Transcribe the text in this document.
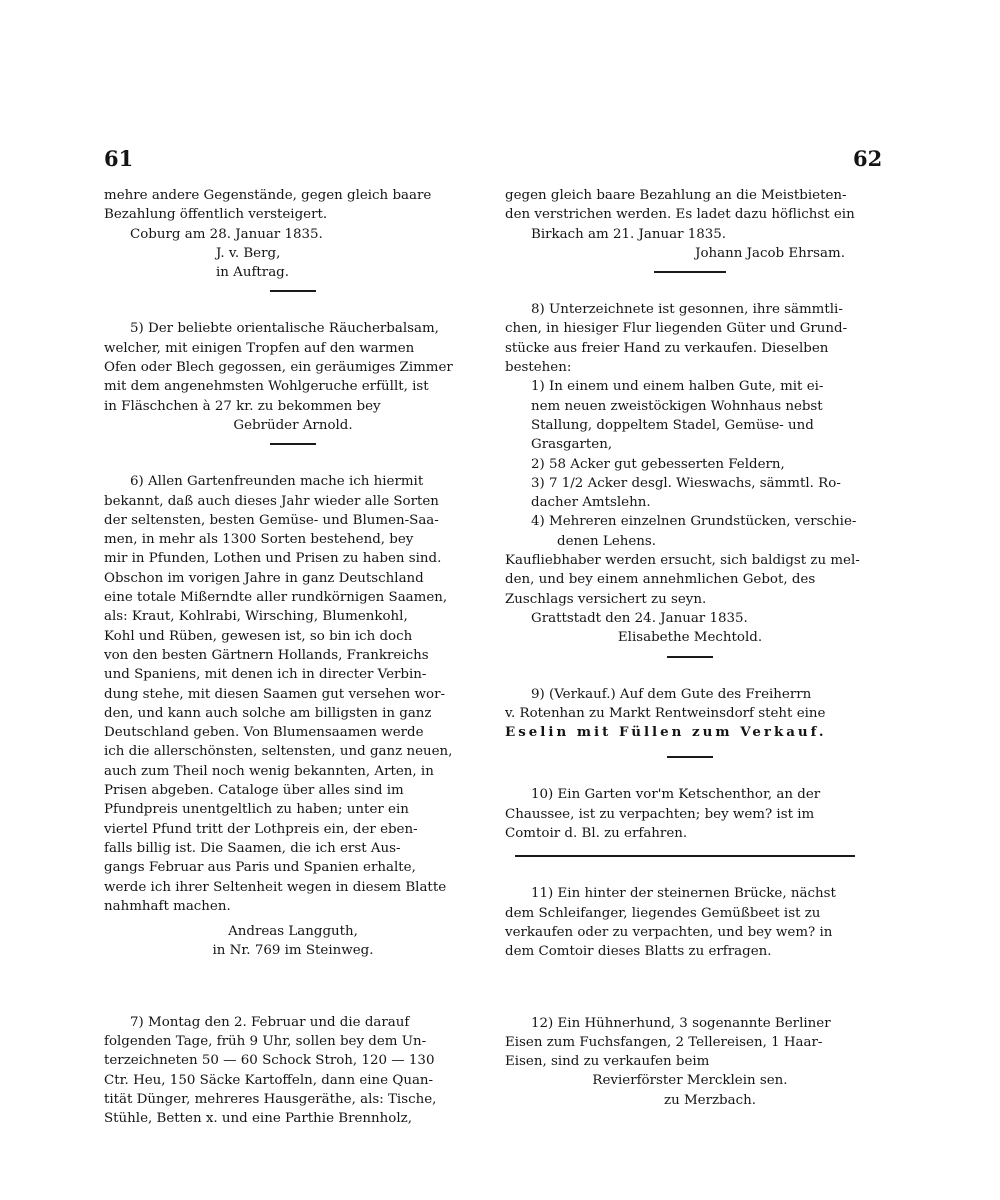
61	62
mehre andere Gegenstände, gegen gleich baare
Bezahlung öffentlich versteigert.
Coburg am 28. Januar 1835.
J. v. Berg,
in Auftrag.
5) Der beliebte orientalische Räucherbalsam,
welcher, mit einigen Tropfen auf den warmen
Ofen oder Blech gegossen, ein geräumiges Zimmer
mit dem angenehmsten Wohlgeruche erfüllt, ist
in Fläschchen à 27 kr. zu bekommen bey
Gebrüder Arnold.
6) Allen Gartenfreunden mache ich hiermit
bekannt, daß auch dieses Jahr wieder alle Sorten
der seltensten, besten Gemüse- und Blumen-Saa-
men, in mehr als 1300 Sorten bestehend, bey
mir in Pfunden, Lothen und Prisen zu haben sind.
Obschon im vorigen Jahre in ganz Deutschland
eine totale Mißerndte aller rundkörnigen Saamen,
als: Kraut, Kohlrabi, Wirsching, Blumenkohl,
Kohl und Rüben, gewesen ist, so bin ich doch
von den besten Gärtnern Hollands, Frankreichs
und Spaniens, mit denen ich in directer Verbin-
dung stehe, mit diesen Saamen gut versehen wor-
den, und kann auch solche am billigsten in ganz
Deutschland geben. Von Blumensaamen werde
ich die allerschönsten, seltensten, und ganz neuen,
auch zum Theil noch wenig bekannten, Arten, in
Prisen abgeben. Cataloge über alles sind im
Pfundpreis unentgeltlich zu haben; unter ein
viertel Pfund tritt der Lothpreis ein, der eben-
falls billig ist. Die Saamen, die ich erst Aus-
gangs Februar aus Paris und Spanien erhalte,
werde ich ihrer Seltenheit wegen in diesem Blatte
nahmhaft machen.
Andreas Langguth,
in Nr. 769 im Steinweg.
7) Montag den 2. Februar und die darauf
folgenden Tage, früh 9 Uhr, sollen bey dem Un-
terzeichneten 50 — 60 Schock Stroh, 120 — 130
Ctr. Heu, 150 Säcke Kartoffeln, dann eine Quan-
tität Dünger, mehreres Hausgeräthe, als: Tische,
Stühle, Betten x. und eine Parthie Brennholz,
gegen gleich baare Bezahlung an die Meistbieten-
den verstrichen werden. Es ladet dazu höflichst ein
Birkach am 21. Januar 1835.
Johann Jacob Ehrsam.
8) Unterzeichnete ist gesonnen, ihre sämmtli-
chen, in hiesiger Flur liegenden Güter und Grund-
stücke aus freier Hand zu verkaufen. Dieselben
bestehen:
1) In einem und einem halben Gute, mit ei-
nem neuen zweistöckigen Wohnhaus nebst
Stallung, doppeltem Stadel, Gemüse- und
Grasgarten,
2) 58 Acker gut gebesserten Feldern,
3) 7 1/2 Acker desgl. Wieswachs, sämmtl. Ro-
dacher Amtslehn.
4) Mehreren einzelnen Grundstücken, verschie-
denen Lehens.
Kaufliebhaber werden ersucht, sich baldigst zu mel-
den, und bey einem annehmlichen Gebot, des
Zuschlags versichert zu seyn.
Grattstadt den 24. Januar 1835.
Elisabethe Mechtold.
9) (Verkauf.) Auf dem Gute des Freiherrn
v. Rotenhan zu Markt Rentweinsdorf steht eine
Eselin mit Füllen zum Verkauf.
10) Ein Garten vor'm Ketschenthor, an der
Chaussee, ist zu verpachten; bey wem? ist im
Comtoir d. Bl. zu erfahren.
11) Ein hinter der steinernen Brücke, nächst
dem Schleifanger, liegendes Gemüßbeet ist zu
verkaufen oder zu verpachten, und bey wem? in
dem Comtoir dieses Blatts zu erfragen.
12) Ein Hühnerhund, 3 sogenannte Berliner
Eisen zum Fuchsfangen, 2 Tellereisen, 1 Haar-
Eisen, sind zu verkaufen beim
Revierförster Mercklein sen.
zu Merzbach.
